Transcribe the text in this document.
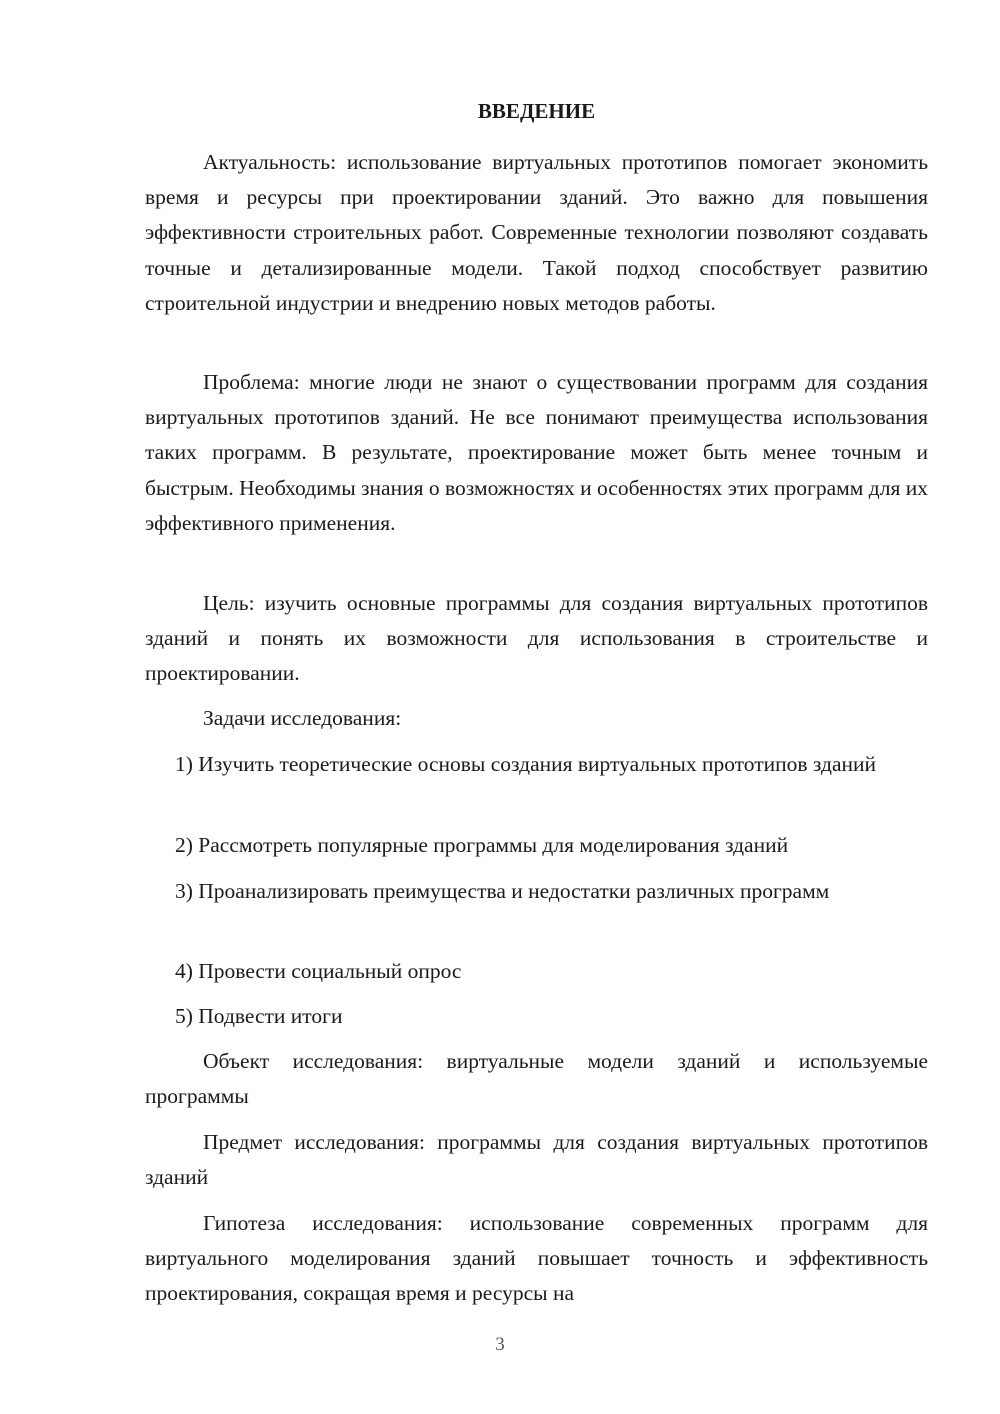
ВВЕДЕНИЕ

Актуальность: использование виртуальных прототипов помогает экономить время и ресурсы при проектировании зданий. Это важно для повышения эффективности строительных работ. Современные технологии позволяют создавать точные и детализированные модели. Такой подход способствует развитию строительной индустрии и внедрению новых методов работы.

Проблема: многие люди не знают о существовании программ для создания виртуальных прототипов зданий. Не все понимают преимущества использования таких программ. В результате, проектирование может быть менее точным и быстрым. Необходимы знания о возможностях и особенностях этих программ для их эффективного применения.

Цель: изучить основные программы для создания виртуальных прототипов зданий и понять их возможности для использования в строительстве и проектировании.

Задачи исследования:

1) Изучить теоретические основы создания виртуальных прототипов зданий

2) Рассмотреть популярные программы для моделирования зданий

3) Проанализировать преимущества и недостатки различных программ

4) Провести социальный опрос

5) Подвести итоги

Объект исследования: виртуальные модели зданий и используемые программы

Предмет исследования: программы для создания виртуальных прототипов зданий

Гипотеза исследования: использование современных программ для виртуального моделирования зданий повышает точность и эффективность проектирования, сокращая время и ресурсы на

3
